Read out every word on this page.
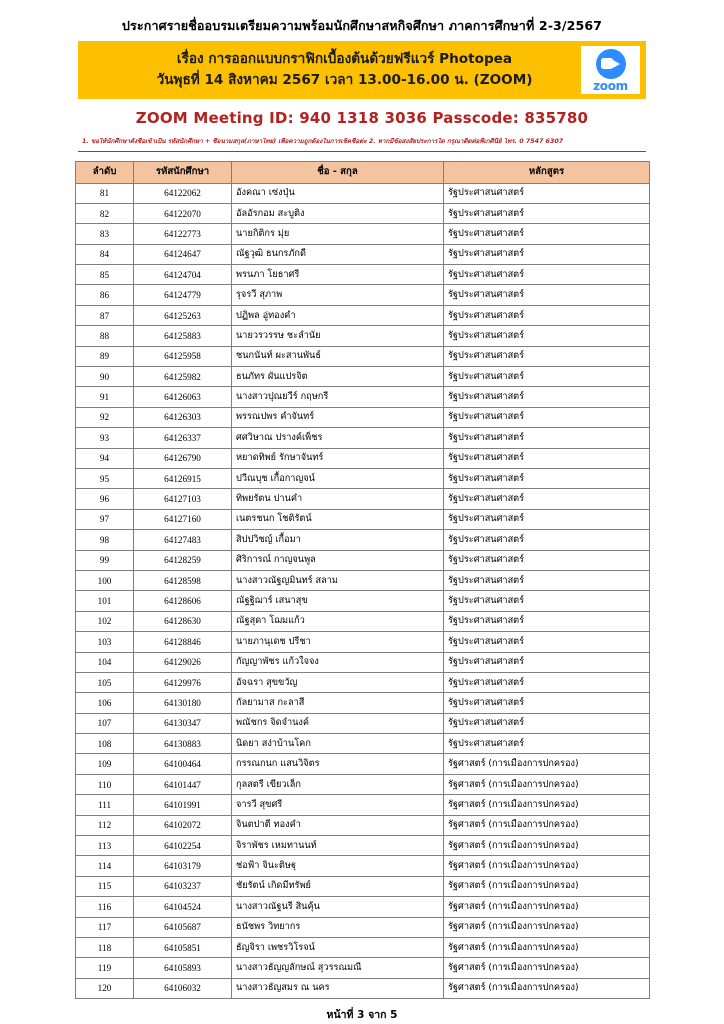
ประกาศรายชื่ออบรมเตรียมความพร้อมนักศึกษาสหกิจศึกษา ภาคการศึกษาที่ 2-3/2567
เรื่อง การออกแบบกราฟิกเบื้องต้นด้วยฟรีแวร์ Photopea
วันพุธที่ 14 สิงหาคม 2567 เวลา 13.00-16.00 น. (ZOOM)	zoom
ZOOM Meeting ID: 940 1318 3036 Passcode: 835780
1. ขอให้นักศึกษาตั้งชื่อเข้าเป็น รหัสนักศึกษา + ชื่อนามสกุล(ภาษาไทย) เพื่อความถูกต้องในการเช็คชื่อต่ะ 2. หากมีข้อสงสัยประการใด กรุณาติดต่อพี่เกศินีย์ โทร. 0 7547 6307
ลำดับ	รหัสนักศึกษา	ชื่อ - สกุล	หลักสูตร
81	64122062	อังคณา เซ่งปุ่น	รัฐประศาสนศาสตร์
82	64122070	อัลอัรกอม สะบูติง	รัฐประศาสนศาสตร์
83	64122773	นายกิติกร มุ่ย	รัฐประศาสนศาสตร์
84	64124647	ณัฐวุฒิ ธนกรภักดี	รัฐประศาสนศาสตร์
85	64124704	พรนภา โยธาศรี	รัฐประศาสนศาสตร์
86	64124779	รุจรวี สุภาพ	รัฐประศาสนศาสตร์
87	64125263	ปฏิพล อู่ทองคำ	รัฐประศาสนศาสตร์
88	64125883	นายวรวรรษ ชะลำนัย	รัฐประศาสนศาสตร์
89	64125958	ชนกนันท์ ผะสานพันธ์	รัฐประศาสนศาสตร์
90	64125982	ธนภัทร ผันแปรจิต	รัฐประศาสนศาสตร์
91	64126063	นางสาวปุณยวีร์ กฤษกรี	รัฐประศาสนศาสตร์
92	64126303	พรรณปพร คำจันทร์	รัฐประศาสนศาสตร์
93	64126337	ศศวิษาณ ปรางค์เพ็ชร	รัฐประศาสนศาสตร์
94	64126790	หยาดทิพย์ รักษาจันทร์	รัฐประศาสนศาสตร์
95	64126915	ปวีณบุช เกื้อกาญจน์	รัฐประศาสนศาสตร์
96	64127103	ทิพยรัตน ปานคำ	รัฐประศาสนศาสตร์
97	64127160	เนตรชนก โชติรัตน์	รัฐประศาสนศาสตร์
98	64127483	สิปปวิชญ์ เกื้อมา	รัฐประศาสนศาสตร์
99	64128259	ศิริการณ์ กาญจนพูล	รัฐประศาสนศาสตร์
100	64128598	นางสาวณัฐญมินทร์ สลาม	รัฐประศาสนศาสตร์
101	64128606	ณัฐฐิฌาร์ เสนาสุข	รัฐประศาสนศาสตร์
102	64128630	ณัฐสุดา โฌมแก้ว	รัฐประศาสนศาสตร์
103	64128846	นายภานุเดช ปรีชา	รัฐประศาสนศาสตร์
104	64129026	กัญญาพัชร แก้วใจจง	รัฐประศาสนศาสตร์
105	64129976	อัจฉรา สุขขวัญ	รัฐประศาสนศาสตร์
106	64130180	กัลยามาส กะลาสี	รัฐประศาสนศาสตร์
107	64130347	พณัชกร จิดจำนงค์	รัฐประศาสนศาสตร์
108	64130883	นิดยา สง่าบ้านโคก	รัฐประศาสนศาสตร์
109	64100464	กรรณกนก แสนวิจิตร	รัฐศาสตร์ (การเมืองการปกครอง)
110	64101447	กุลสตรี เขียวเล็ก	รัฐศาสตร์ (การเมืองการปกครอง)
111	64101991	จารวี สุขศรี	รัฐศาสตร์ (การเมืองการปกครอง)
112	64102072	จินตปาตี ทองคำ	รัฐศาสตร์ (การเมืองการปกครอง)
113	64102254	จิราพัชร เหมทานนท์	รัฐศาสตร์ (การเมืองการปกครอง)
114	64103179	ช่อฟ้า จินะติษฐุ	รัฐศาสตร์ (การเมืองการปกครอง)
115	64103237	ชัยรัตน์ เกิดมีทรัพย์	รัฐศาสตร์ (การเมืองการปกครอง)
116	64104524	นางสาวณัฐนรี สินคุ้น	รัฐศาสตร์ (การเมืองการปกครอง)
117	64105687	ธนัชพร วิทยากร	รัฐศาสตร์ (การเมืองการปกครอง)
118	64105851	ธัญจิรา เพชรวิโรจน์	รัฐศาสตร์ (การเมืองการปกครอง)
119	64105893	นางสาวธัญญลักษณ์ สุวรรณมณี	รัฐศาสตร์ (การเมืองการปกครอง)
120	64106032	นางสาวธัญสมร ณ นคร	รัฐศาสตร์ (การเมืองการปกครอง)
หน้าที่ 3 จาก 5
